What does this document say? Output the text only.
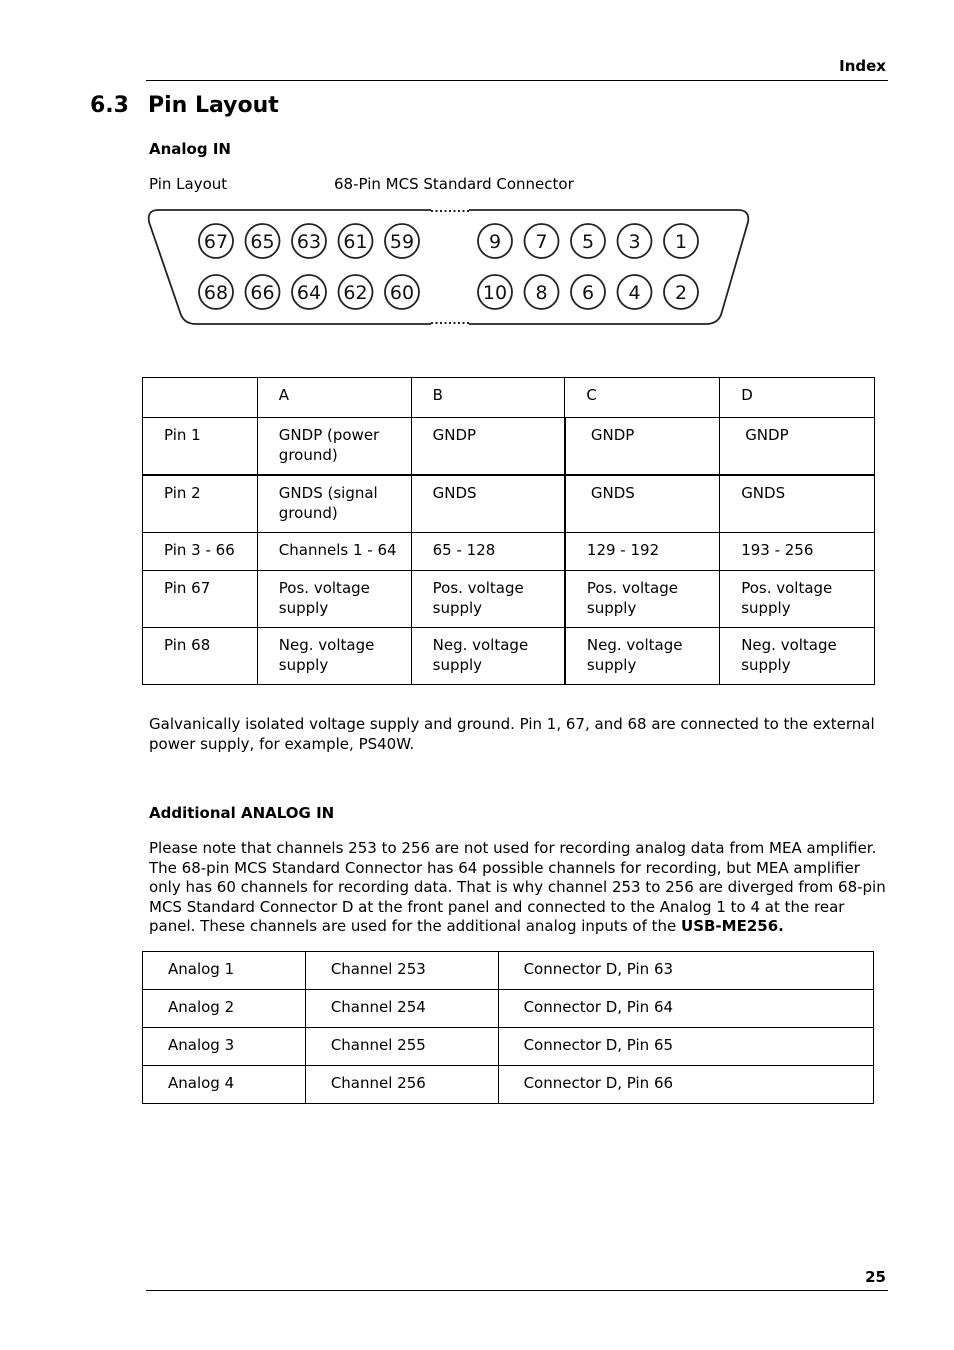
Index
6.3 Pin Layout
Analog IN
Pin Layout	68-Pin MCS Standard Connector
67 65 63 61 59
68 66 64 62 60
9 7 5 3 1
10 8 6 4 2
	A	B	C	D
Pin 1	GNDP (power ground)	GNDP	GNDP	GNDP
Pin 2	GNDS (signal ground)	GNDS	GNDS	GNDS
Pin 3 - 66	Channels 1 - 64	65 - 128	129 - 192	193 - 256
Pin 67	Pos. voltage supply	Pos. voltage supply	Pos. voltage supply	Pos. voltage supply
Pin 68	Neg. voltage supply	Neg. voltage supply	Neg. voltage supply	Neg. voltage supply
Galvanically isolated voltage supply and ground. Pin 1, 67, and 68 are connected to the external power supply, for example, PS40W.
Additional ANALOG IN
Please note that channels 253 to 256 are not used for recording analog data from MEA amplifier. The 68-pin MCS Standard Connector has 64 possible channels for recording, but MEA amplifier only has 60 channels for recording data. That is why channel 253 to 256 are diverged from 68-pin MCS Standard Connector D at the front panel and connected to the Analog 1 to 4 at the rear panel. These channels are used for the additional analog inputs of the USB-ME256.
Analog 1	Channel 253	Connector D, Pin 63
Analog 2	Channel 254	Connector D, Pin 64
Analog 3	Channel 255	Connector D, Pin 65
Analog 4	Channel 256	Connector D, Pin 66
25
